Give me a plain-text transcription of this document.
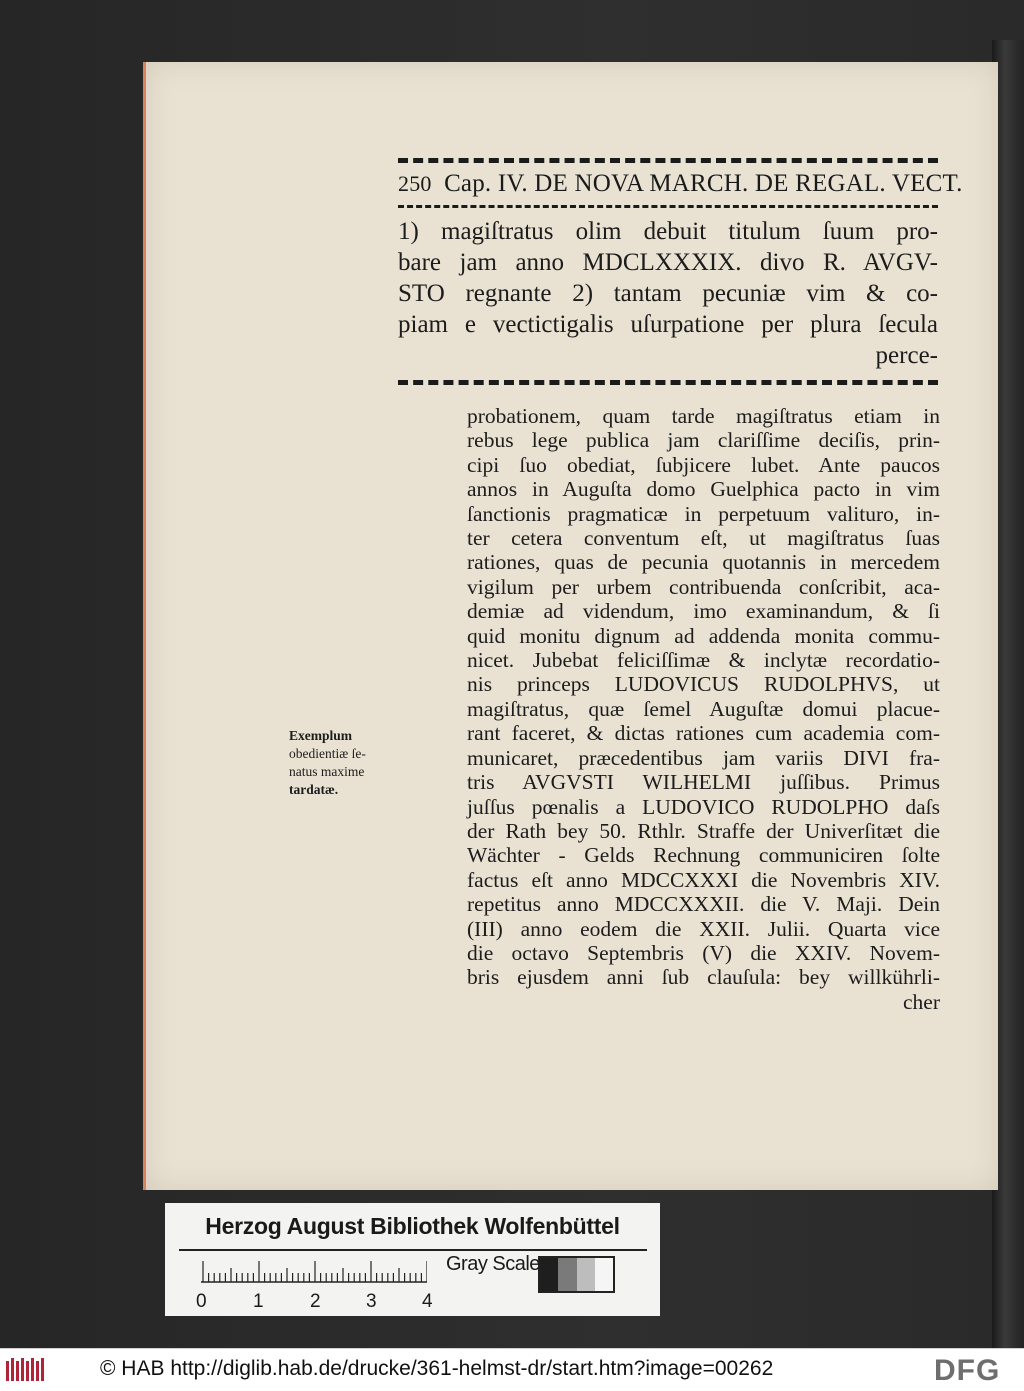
250 Cap. IV. DE NOVA MARCH. DE REGAL. VECT.
1) magiſtratus olim debuit titulum ſuum pro-
bare jam anno MDCLXXXIX. divo R. AVGV-
STO regnante 2) tantam pecuniæ vim & co-
piam e vectictigalis uſurpatione per plura ſecula
perce-
Exemplum
obedientiæ ſe-
natus maxime
tardatæ.
probationem, quam tarde magiſtratus etiam in
rebus lege publica jam clariſſime deciſis, prin-
cipi ſuo obediat, ſubjicere lubet. Ante paucos
annos in Auguſta domo Guelphica pacto in vim
ſanctionis pragmaticæ in perpetuum valituro, in-
ter cetera conventum eſt, ut magiſtratus ſuas
rationes, quas de pecunia quotannis in mercedem
vigilum per urbem contribuenda conſcribit, aca-
demiæ ad videndum, imo examinandum, & ſi
quid monitu dignum ad addenda monita commu-
nicet. Jubebat feliciſſimæ & inclytæ recordatio-
nis princeps LUDOVICUS RUDOLPHVS, ut
magiſtratus, quæ ſemel Auguſtæ domui placue-
rant faceret, & dictas rationes cum academia com-
municaret, præcedentibus jam variis DIVI fra-
tris AVGVSTI WILHELMI juſſibus. Primus
juſſus pœnalis a LUDOVICO RUDOLPHO daſs
der Rath bey 50. Rthlr. Straffe der Univerſitæt die
Wächter - Gelds Rechnung communiciren ſolte
factus eſt anno MDCCXXXI die Novembris XIV.
repetitus anno MDCCXXXII. die V. Maji. Dein
(III) anno eodem die XXII. Julii. Quarta vice
die octavo Septembris (V) die XXIV. Novem-
bris ejusdem anni ſub clauſula: bey willkührli-
cher
Herzog August Bibliothek Wolfenbüttel
0 1 2 3 4
Gray Scale
© HAB http://diglib.hab.de/drucke/361-helmst-dr/start.htm?image=00262	DFG
